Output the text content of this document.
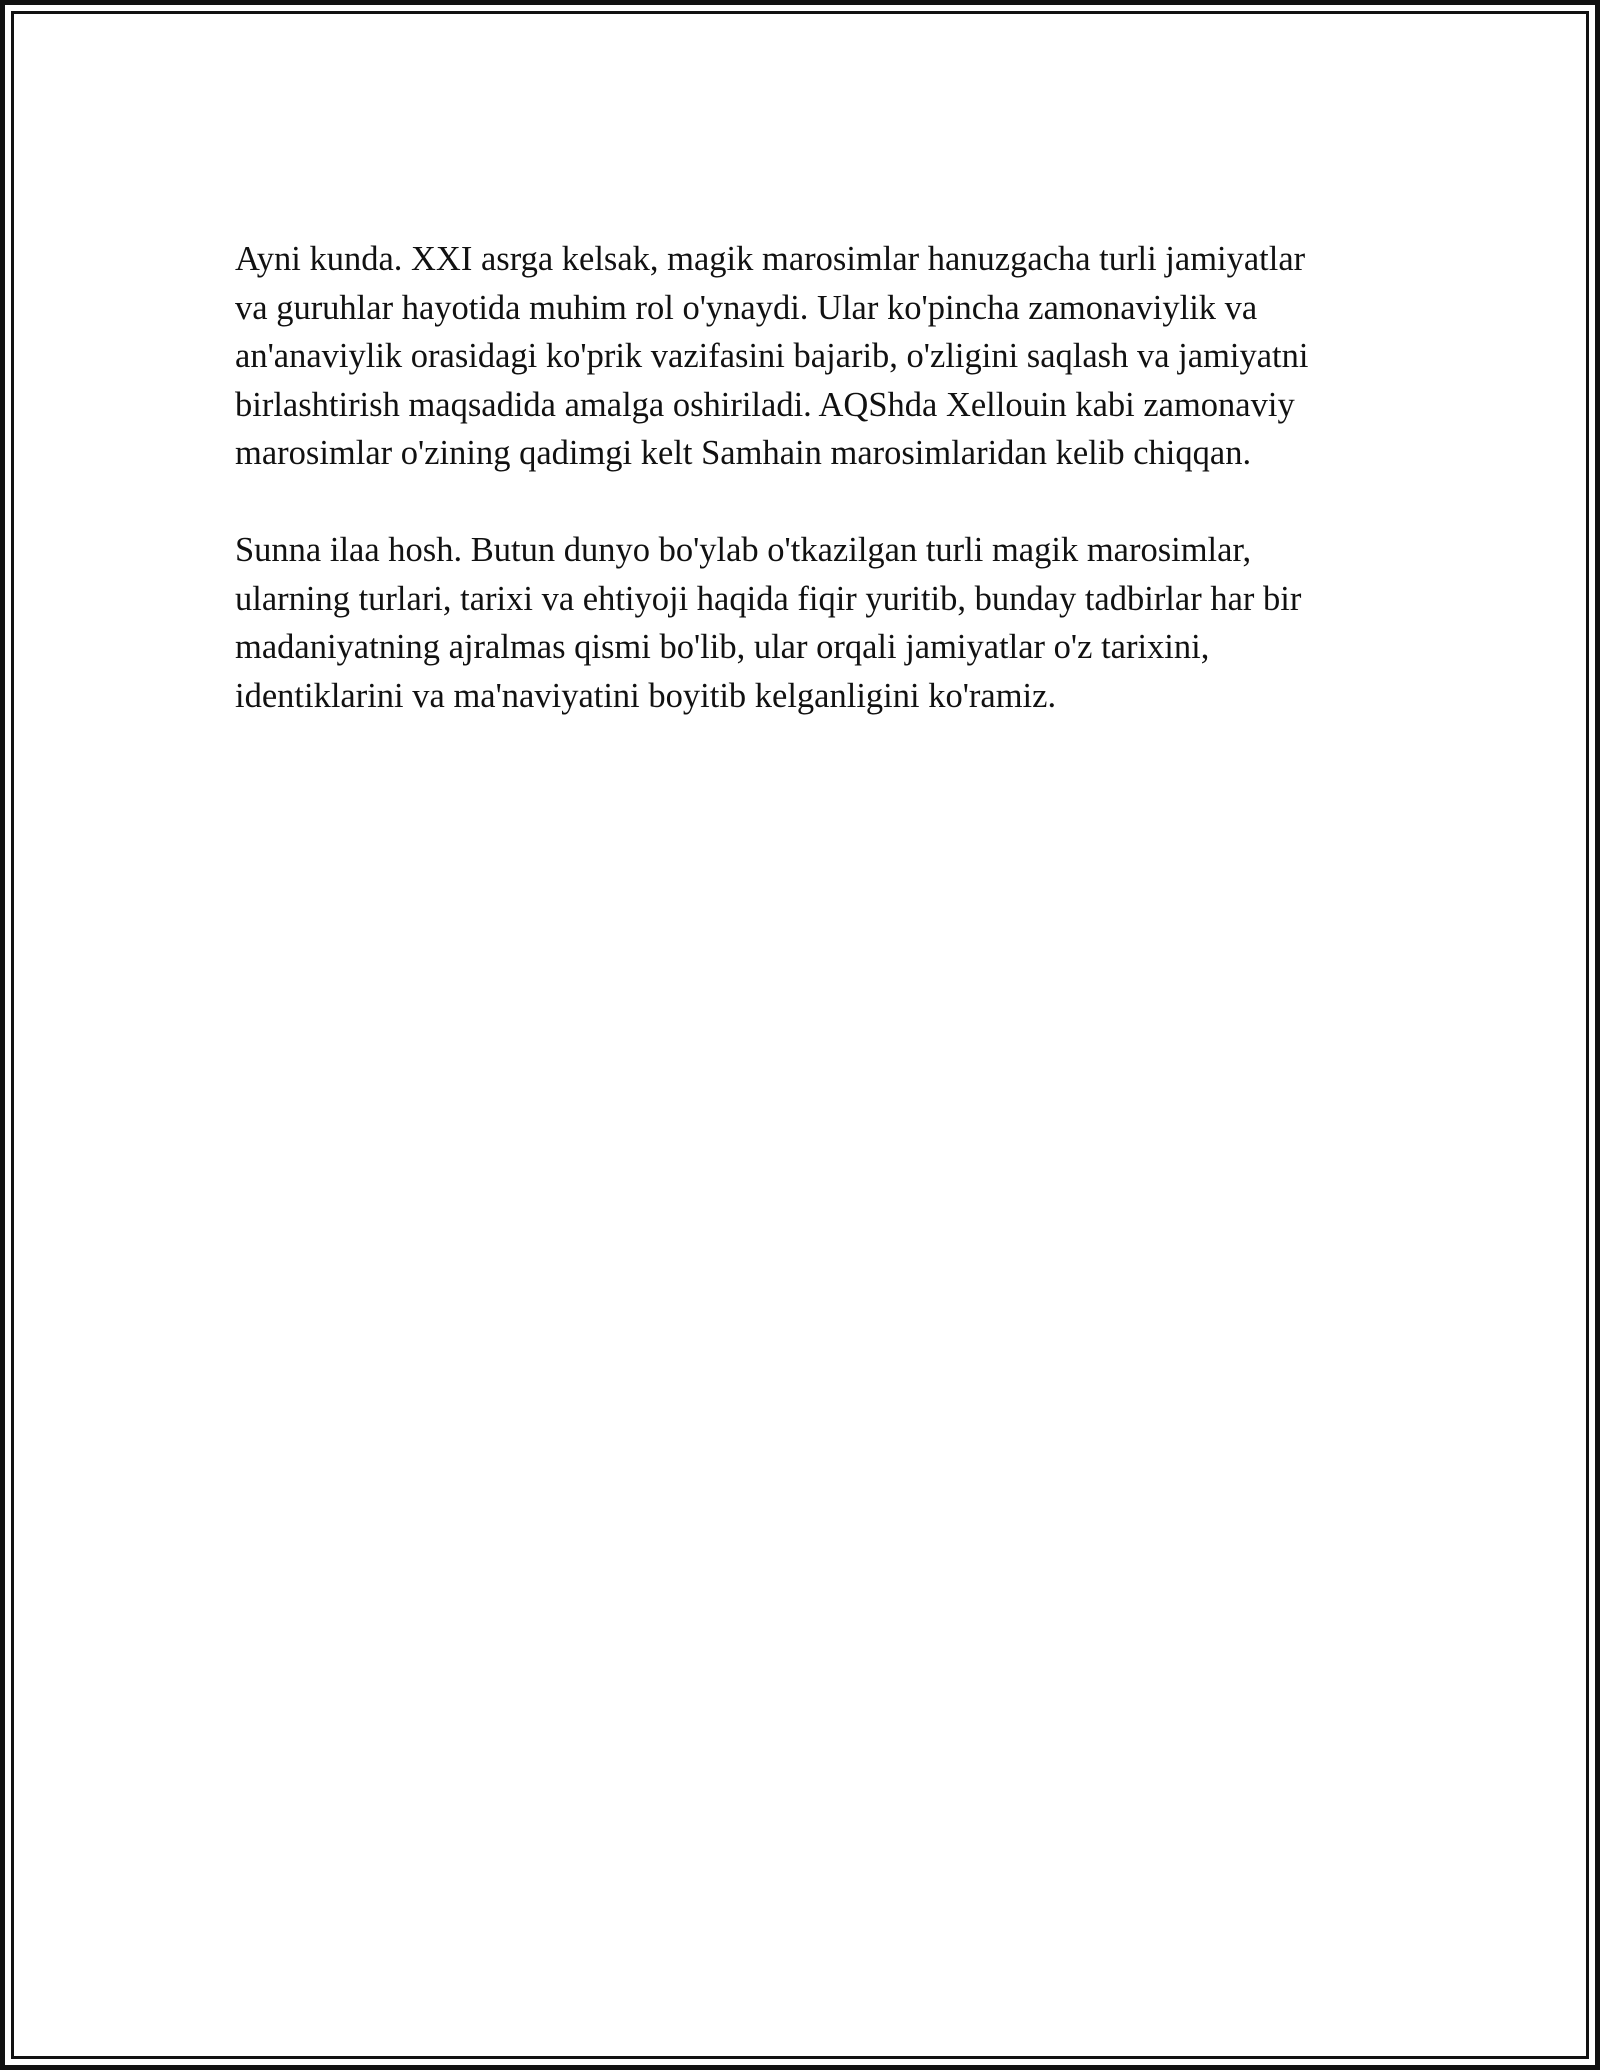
Ayni kunda. XXI asrga kelsak, magik marosimlar hanuzgacha turli jamiyatlar va guruhlar hayotida muhim rol o'ynaydi. Ular ko'pincha zamonaviylik va an'anaviylik orasidagi ko'prik vazifasini bajarib, o'zligini saqlash va jamiyatni birlashtirish maqsadida amalga oshiriladi. AQShda Xellouin kabi zamonaviy marosimlar o'zining qadimgi kelt Samhain marosimlaridan kelib chiqqan.

Sunna ilaa hosh. Butun dunyo bo'ylab o'tkazilgan turli magik marosimlar, ularning turlari, tarixi va ehtiyoji haqida fiqir yuritib, bunday tadbirlar har bir madaniyatning ajralmas qismi bo'lib, ular orqali jamiyatlar o'z tarixini, identiklarini va ma'naviyatini boyitib kelganligini ko'ramiz.
